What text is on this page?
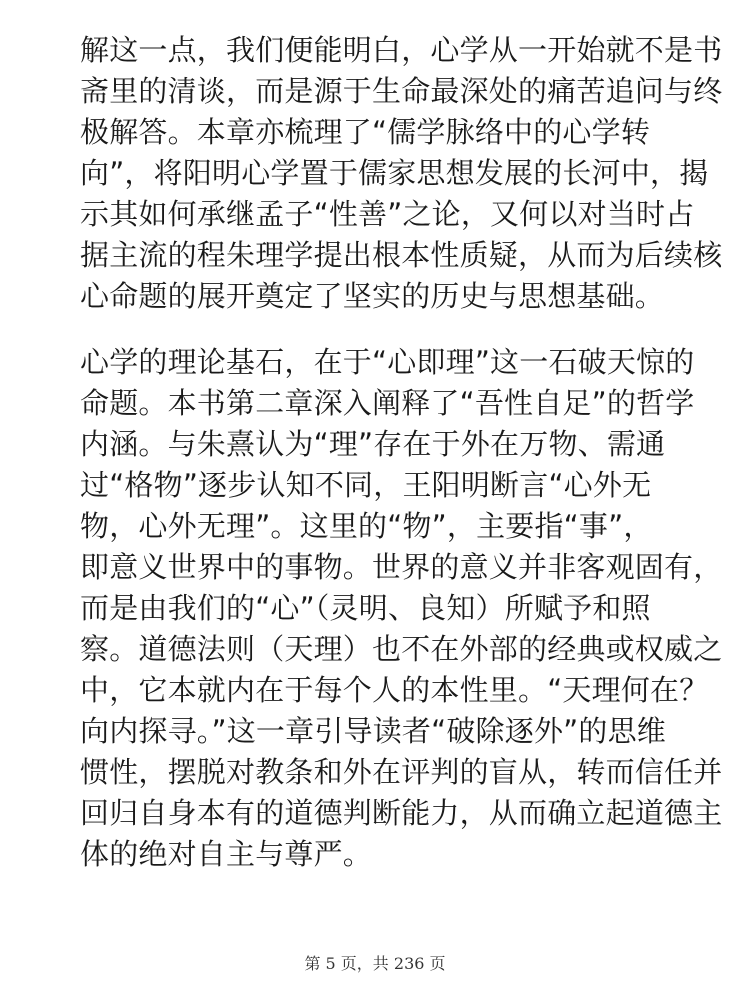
解这一点，我们便能明白，心学从一开始就不是书
斋里的清谈，而是源于生命最深处的痛苦追问与终
极解答。本章亦梳理了“儒学脉络中的心学转
向”，将阳明心学置于儒家思想发展的长河中，揭
示其如何承继孟子“性善”之论，又何以对当时占
据主流的程朱理学提出根本性质疑，从而为后续核
心命题的展开奠定了坚实的历史与思想基础。
心学的理论基石，在于“心即理”这一石破天惊的
命题。本书第二章深入阐释了“吾性自足”的哲学
内涵。与朱熹认为“理”存在于外在万物、需通
过“格物”逐步认知不同，王阳明断言“心外无
物，心外无理”。这里的“物”，主要指“事”，
即意义世界中的事物。世界的意义并非客观固有，
而是由我们的“心”（灵明、良知）所赋予和照
察。道德法则（天理）也不在外部的经典或权威之
中，它本就内在于每个人的本性里。“天理何在？
向内探寻。”这一章引导读者“破除逐外”的思维
惯性，摆脱对教条和外在评判的盲从，转而信任并
回归自身本有的道德判断能力，从而确立起道德主
体的绝对自主与尊严。
第 5 页，共 236 页
